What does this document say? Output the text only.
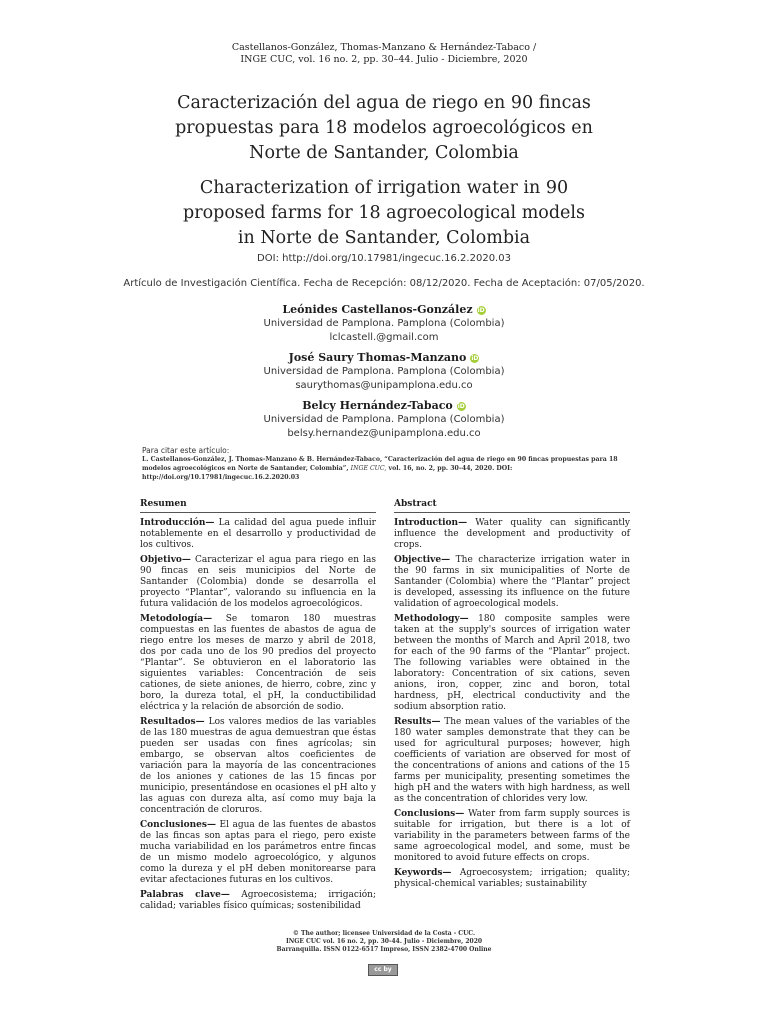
Castellanos-González, Thomas-Manzano & Hernández-Tabaco /
INGE CUC, vol. 16 no. 2, pp. 30–44. Julio - Diciembre, 2020
Caracterización del agua de riego en 90 fincas
propuestas para 18 modelos agroecológicos en
Norte de Santander, Colombia
Characterization of irrigation water in 90
proposed farms for 18 agroecological models
in Norte de Santander, Colombia
DOI: http://doi.org/10.17981/ingecuc.16.2.2020.03
Artículo de Investigación Científica. Fecha de Recepción: 08/12/2020. Fecha de Aceptación: 07/05/2020.
Leónides Castellanos-González iD
Universidad de Pamplona. Pamplona (Colombia)
lclcastell.@gmail.com
José Saury Thomas-Manzano iD
Universidad de Pamplona. Pamplona (Colombia)
saurythomas@unipamplona.edu.co
Belcy Hernández-Tabaco iD
Universidad de Pamplona. Pamplona (Colombia)
belsy.hernandez@unipamplona.edu.co
Para citar este artículo:
L. Castellanos-González, J. Thomas-Manzano & B. Hernández-Tabaco, “Caracterización del agua de riego en 90 fincas propuestas para 18 modelos agroecológicos en Norte de Santander, Colombia”, INGE CUC, vol. 16, no. 2, pp. 30–44, 2020. DOI: http://doi.org/10.17981/ingecuc.16.2.2020.03
Resumen

Introducción— La calidad del agua puede influir notablemente en el desarrollo y productividad de los cultivos.

Objetivo— Caracterizar el agua para riego en las 90 fincas en seis municipios del Norte de Santander (Colombia) donde se desarrolla el proyecto “Plantar”, valorando su influencia en la futura validación de los modelos agroecológicos.

Metodología— Se tomaron 180 muestras compuestas en las fuentes de abastos de agua de riego entre los meses de marzo y abril de 2018, dos por cada uno de los 90 predios del proyecto “Plantar”. Se obtuvieron en el laboratorio las siguientes variables: Concentración de seis cationes, de siete aniones, de hierro, cobre, zinc y boro, la dureza total, el pH, la conductibilidad eléctrica y la relación de absorción de sodio.

Resultados— Los valores medios de las variables de las 180 muestras de agua demuestran que éstas pueden ser usadas con fines agrícolas; sin embargo, se observan altos coeficientes de variación para la mayoría de las concentraciones de los aniones y cationes de las 15 fincas por municipio, presentándose en ocasiones el pH alto y las aguas con dureza alta, así como muy baja la concentración de cloruros.

Conclusiones— El agua de las fuentes de abastos de las fincas son aptas para el riego, pero existe mucha variabilidad en los parámetros entre fincas de un mismo modelo agroecológico, y algunos como la dureza y el pH deben monitorearse para evitar afectaciones futuras en los cultivos.

Palabras clave— Agroecosistema; irrigación; calidad; variables físico químicas; sostenibilidad

Abstract

Introduction— Water quality can significantly influence the development and productivity of crops.

Objective— The characterize irrigation water in the 90 farms in six municipalities of Norte de Santander (Colombia) where the “Plantar” project is developed, assessing its influence on the future validation of agroecological models.

Methodology— 180 composite samples were taken at the supply's sources of irrigation water between the months of March and April 2018, two for each of the 90 farms of the “Plantar” project. The following variables were obtained in the laboratory: Concentration of six cations, seven anions, iron, copper, zinc and boron, total hardness, pH, electrical conductivity and the sodium absorption ratio.

Results— The mean values of the variables of the 180 water samples demonstrate that they can be used for agricultural purposes; however, high coefficients of variation are observed for most of the concentrations of anions and cations of the 15 farms per municipality, presenting sometimes the high pH and the waters with high hardness, as well as the concentration of chlorides very low.

Conclusions— Water from farm supply sources is suitable for irrigation, but there is a lot of variability in the parameters between farms of the same agroecological model, and some, must be monitored to avoid future effects on crops.

Keywords— Agroecosystem; irrigation; quality; physical-chemical variables; sustainability

© The author; licensee Universidad de la Costa - CUC.
INGE CUC vol. 16 no. 2, pp. 30-44. Julio - Diciembre, 2020
Barranquilla. ISSN 0122-6517 Impreso, ISSN 2382-4700 Online
cc by
